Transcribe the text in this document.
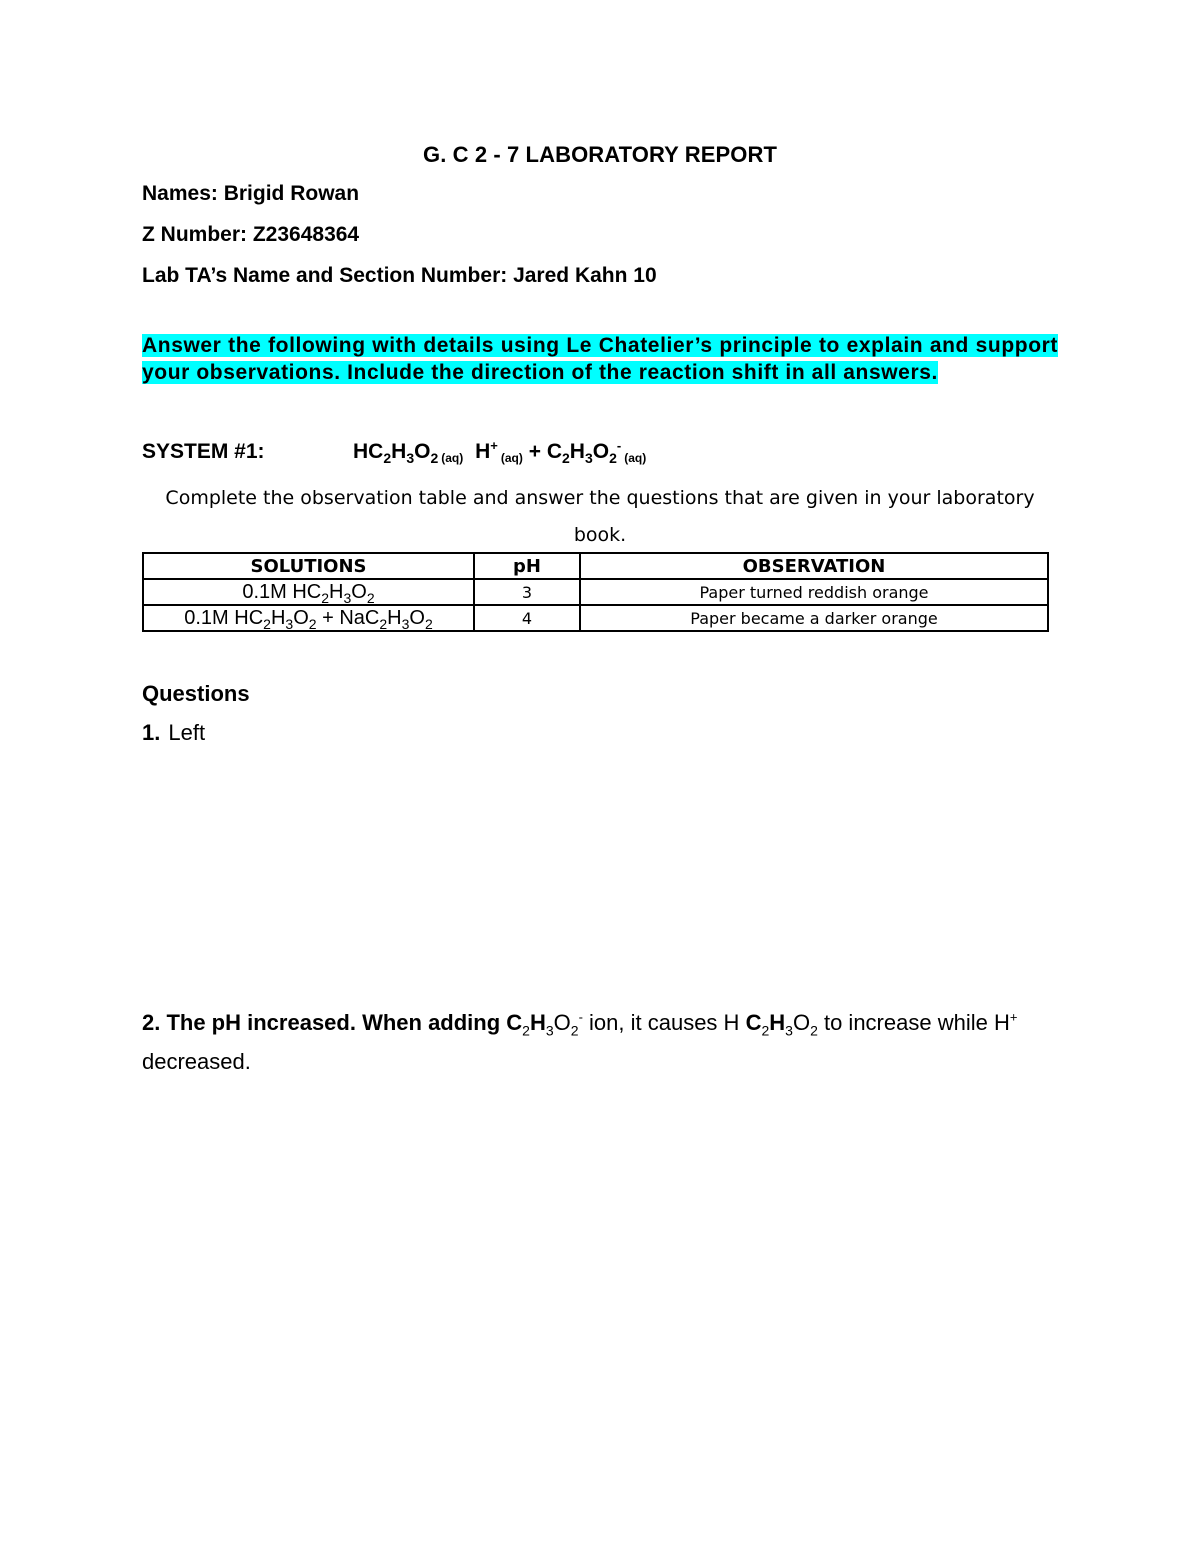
G. C 2 - 7 LABORATORY REPORT
Names: Brigid Rowan
Z Number: Z23648364
Lab TA’s Name and Section Number: Jared Kahn 10
Answer the following with details using Le Chatelier’s principle to explain and support your observations. Include the direction of the reaction shift in all answers.
SYSTEM #1:	$HC_2H_3O_2$ (aq) $H^+(aq) + C_2H_3O_2^-(aq)$
Complete the observation table and answer the questions that are given in your laboratory book.
SOLUTIONS	pH	OBSERVATION
0.1M $HC_2H_3O_2$	3	Paper turned reddish orange
0.1M $HC_2H_3O_2 + NaC_2H_3O_2$	4	Paper became a darker orange
Questions
1. Left
2. The pH increased. When adding $C_2H_3O_2^-$ ion, it causes H $C_2H_3O_2$ to increase while H+ decreased.
